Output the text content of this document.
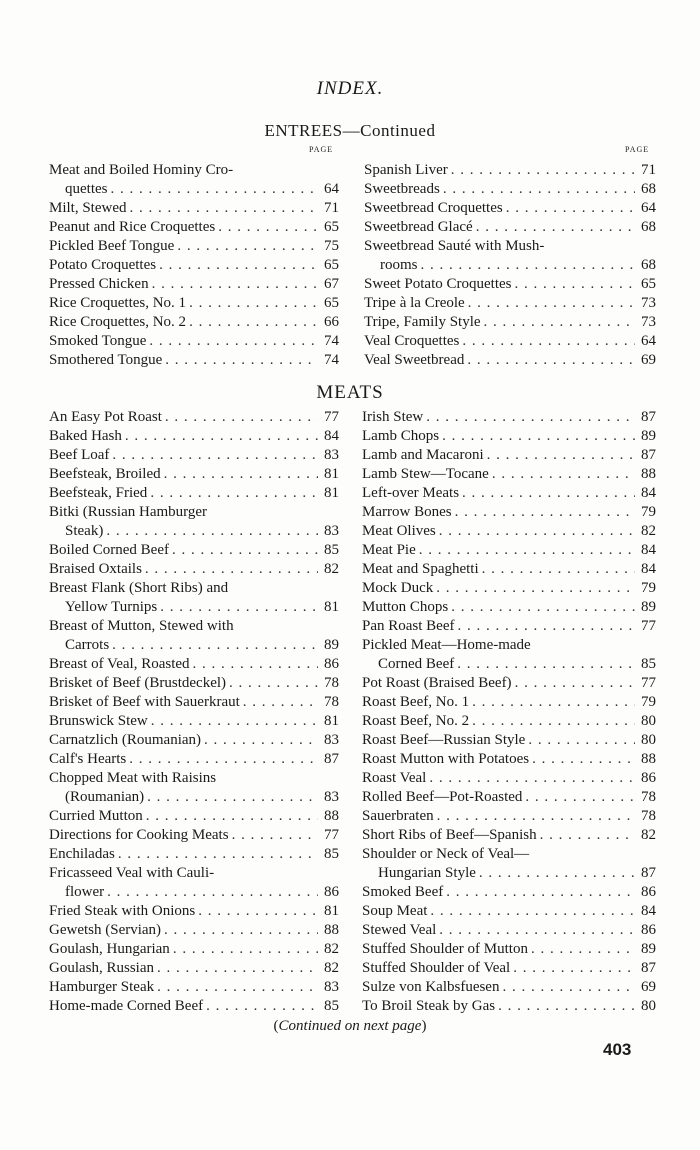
INDEX.
ENTREES—Continued
PAGE	PAGE
Meat and Boiled Hominy Cro-
quettes . . .	64
Milt, Stewed . . .	71
Peanut and Rice Croquettes . . .	65
Pickled Beef Tongue . . .	75
Potato Croquettes . . .	65
Pressed Chicken . . .	67
Rice Croquettes, No. 1 . . .	65
Rice Croquettes, No. 2 . . .	66
Smoked Tongue . . .	74
Smothered Tongue . . .	74
Spanish Liver . . .	71
Sweetbreads . . .	68
Sweetbread Croquettes . . .	64
Sweetbread Glacé . . .	68
Sweetbread Sauté with Mush-
rooms . . .	68
Sweet Potato Croquettes . . .	65
Tripe à la Creole . . .	73
Tripe, Family Style . . .	73
Veal Croquettes . . .	64
Veal Sweetbread . . .	69
MEATS
An Easy Pot Roast . . .	77
Baked Hash . . .	84
Beef Loaf . . .	83
Beefsteak, Broiled . . .	81
Beefsteak, Fried . . .	81
Bitki (Russian Hamburger
Steak) . . .	83
Boiled Corned Beef . . .	85
Braised Oxtails . . .	82
Breast Flank (Short Ribs) and
Yellow Turnips . . .	81
Breast of Mutton, Stewed with
Carrots . . .	89
Breast of Veal, Roasted . . .	86
Brisket of Beef (Brustdeckel) . . .	78
Brisket of Beef with Sauerkraut . . .	78
Brunswick Stew . . .	81
Carnatzlich (Roumanian) . . .	83
Calf's Hearts . . .	87
Chopped Meat with Raisins
(Roumanian) . . .	83
Curried Mutton . . .	88
Directions for Cooking Meats . . .	77
Enchiladas . . .	85
Fricasseed Veal with Cauli-
flower . . .	86
Fried Steak with Onions . . .	81
Gewetsh (Servian) . . .	88
Goulash, Hungarian . . .	82
Goulash, Russian . . .	82
Hamburger Steak . . .	83
Home-made Corned Beef . . .	85
Irish Stew . . .	87
Lamb Chops . . .	89
Lamb and Macaroni . . .	87
Lamb Stew—Tocane . . .	88
Left-over Meats . . .	84
Marrow Bones . . .	79
Meat Olives . . .	82
Meat Pie . . .	84
Meat and Spaghetti . . .	84
Mock Duck . . .	79
Mutton Chops . . .	89
Pan Roast Beef . . .	77
Pickled Meat—Home-made
Corned Beef . . .	85
Pot Roast (Braised Beef) . . .	77
Roast Beef, No. 1 . . .	79
Roast Beef, No. 2 . . .	80
Roast Beef—Russian Style . . .	80
Roast Mutton with Potatoes . . .	88
Roast Veal . . .	86
Rolled Beef—Pot-Roasted . . .	78
Sauerbraten . . .	78
Short Ribs of Beef—Spanish . . .	82
Shoulder or Neck of Veal—
Hungarian Style . . .	87
Smoked Beef . . .	86
Soup Meat . . .	84
Stewed Veal . . .	86
Stuffed Shoulder of Mutton . . .	89
Stuffed Shoulder of Veal . . .	87
Sulze von Kalbsfuesen . . .	69
To Broil Steak by Gas . . .	80
(Continued on next page)
403
